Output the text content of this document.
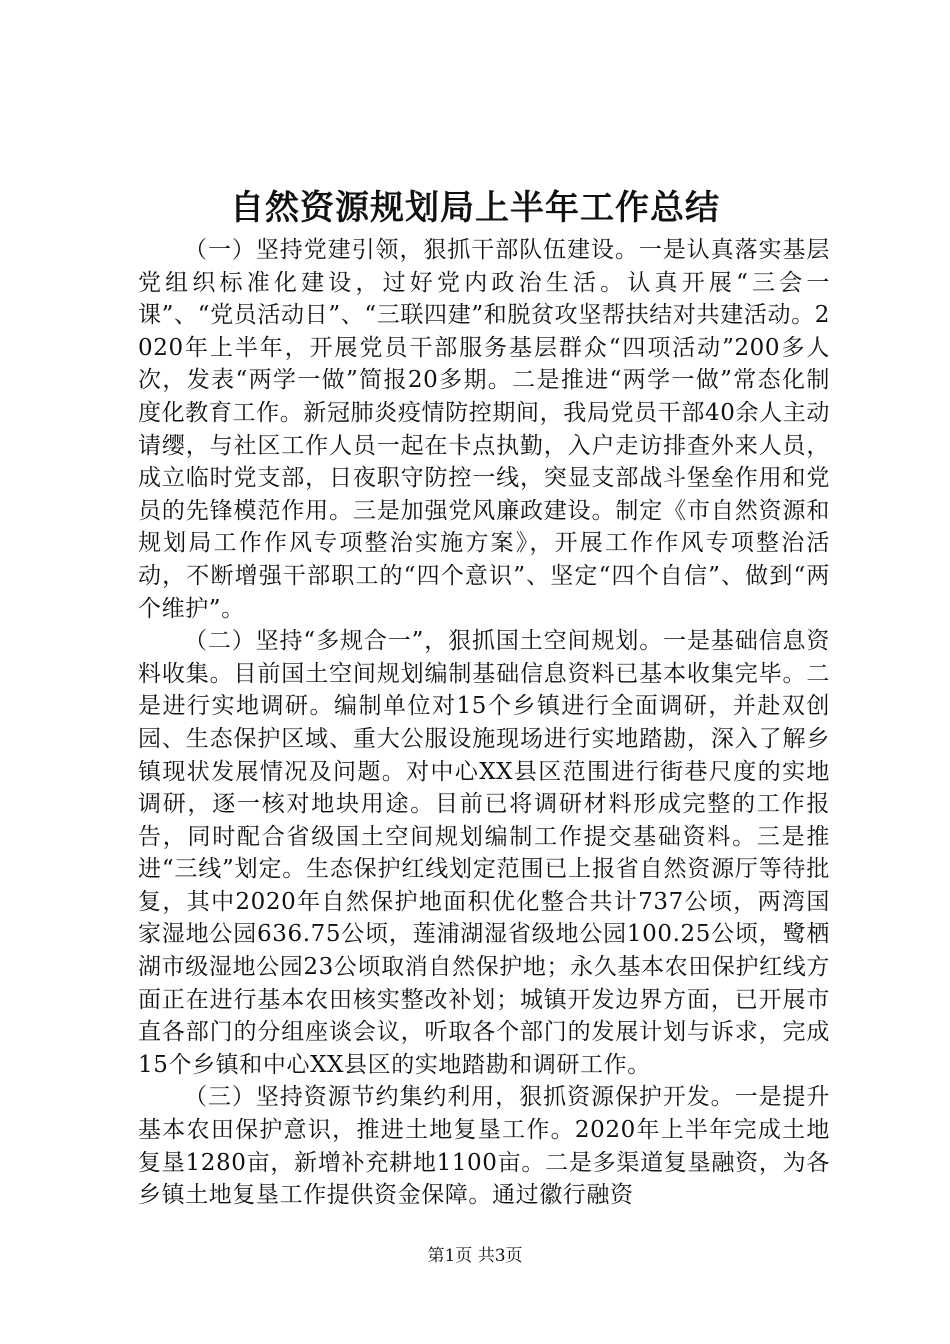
自然资源规划局上半年工作总结

（一）坚持党建引领，狠抓干部队伍建设。一是认真落实基层党组织标准化建设，过好党内政治生活。认真开展“三会一课”、“党员活动日”、“三联四建”和脱贫攻坚帮扶结对共建活动。2020年上半年，开展党员干部服务基层群众“四项活动”200多人次，发表“两学一做”简报20多期。二是推进“两学一做”常态化制度化教育工作。新冠肺炎疫情防控期间，我局党员干部40余人主动请缨，与社区工作人员一起在卡点执勤，入户走访排查外来人员，成立临时党支部，日夜职守防控一线，突显支部战斗堡垒作用和党员的先锋模范作用。三是加强党风廉政建设。制定《市自然资源和规划局工作作风专项整治实施方案》，开展工作作风专项整治活动，不断增强干部职工的“四个意识”、坚定“四个自信”、做到“两个维护”。

（二）坚持“多规合一”，狠抓国土空间规划。一是基础信息资料收集。目前国土空间规划编制基础信息资料已基本收集完毕。二是进行实地调研。编制单位对15个乡镇进行全面调研，并赴双创园、生态保护区域、重大公服设施现场进行实地踏勘，深入了解乡镇现状发展情况及问题。对中心XX县区范围进行街巷尺度的实地调研，逐一核对地块用途。目前已将调研材料形成完整的工作报告，同时配合省级国土空间规划编制工作提交基础资料。三是推进“三线”划定。生态保护红线划定范围已上报省自然资源厅等待批复，其中2020年自然保护地面积优化整合共计737公顷，两湾国家湿地公园636.75公顷，莲浦湖湿省级地公园100.25公顷，鹭栖湖市级湿地公园23公顷取消自然保护地；永久基本农田保护红线方面正在进行基本农田核实整改补划；城镇开发边界方面，已开展市直各部门的分组座谈会议，听取各个部门的发展计划与诉求，完成15个乡镇和中心XX县区的实地踏勘和调研工作。

（三）坚持资源节约集约利用，狠抓资源保护开发。一是提升基本农田保护意识，推进土地复垦工作。2020年上半年完成土地复垦1280亩，新增补充耕地1100亩。二是多渠道复垦融资，为各乡镇土地复垦工作提供资金保障。通过徽行融资

第1页 共3页
